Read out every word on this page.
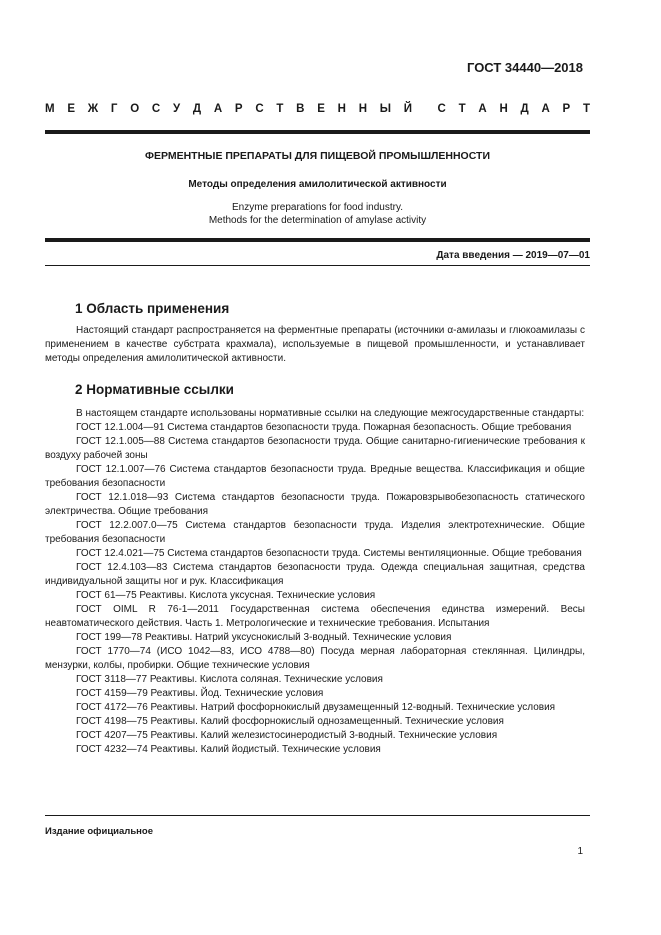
ГОСТ 34440—2018
М Е Ж Г О С У Д А Р С Т В Е Н Н Ы Й С Т А Н Д А Р Т
ФЕРМЕНТНЫЕ ПРЕПАРАТЫ ДЛЯ ПИЩЕВОЙ ПРОМЫШЛЕННОСТИ
Методы определения амилолитической активности
Enzyme preparations for food industry.
Methods for the determination of amylase activity
Дата введения — 2019—07—01
1 Область применения

Настоящий стандарт распространяется на ферментные препараты (источники α-амилазы и глюкоамилазы с применением в качестве субстрата крахмала), используемые в пищевой промышленности, и устанавливает методы определения амилолитической активности.

2 Нормативные ссылки

В настоящем стандарте использованы нормативные ссылки на следующие межгосударственные стандарты:

ГОСТ 12.1.004—91 Система стандартов безопасности труда. Пожарная безопасность. Общие требования

ГОСТ 12.1.005—88 Система стандартов безопасности труда. Общие санитарно-гигиенические требования к воздуху рабочей зоны

ГОСТ 12.1.007—76 Система стандартов безопасности труда. Вредные вещества. Классификация и общие требования безопасности

ГОСТ 12.1.018—93 Система стандартов безопасности труда. Пожаровзрывобезопасность статического электричества. Общие требования

ГОСТ 12.2.007.0—75 Система стандартов безопасности труда. Изделия электротехнические. Общие требования безопасности

ГОСТ 12.4.021—75 Система стандартов безопасности труда. Системы вентиляционные. Общие требования

ГОСТ 12.4.103—83 Система стандартов безопасности труда. Одежда специальная защитная, средства индивидуальной защиты ног и рук. Классификация

ГОСТ 61—75 Реактивы. Кислота уксусная. Технические условия

ГОСТ OIML R 76-1—2011 Государственная система обеспечения единства измерений. Весы неавтоматического действия. Часть 1. Метрологические и технические требования. Испытания

ГОСТ 199—78 Реактивы. Натрий уксуснокислый 3-водный. Технические условия

ГОСТ 1770—74 (ИСО 1042—83, ИСО 4788—80) Посуда мерная лабораторная стеклянная. Цилиндры, мензурки, колбы, пробирки. Общие технические условия

ГОСТ 3118—77 Реактивы. Кислота соляная. Технические условия

ГОСТ 4159—79 Реактивы. Йод. Технические условия

ГОСТ 4172—76 Реактивы. Натрий фосфорнокислый двузамещенный 12-водный. Технические условия

ГОСТ 4198—75 Реактивы. Калий фосфорнокислый однозамещенный. Технические условия

ГОСТ 4207—75 Реактивы. Калий железистосинеродистый 3-водный. Технические условия

ГОСТ 4232—74 Реактивы. Калий йодистый. Технические условия

Издание официальное
1
